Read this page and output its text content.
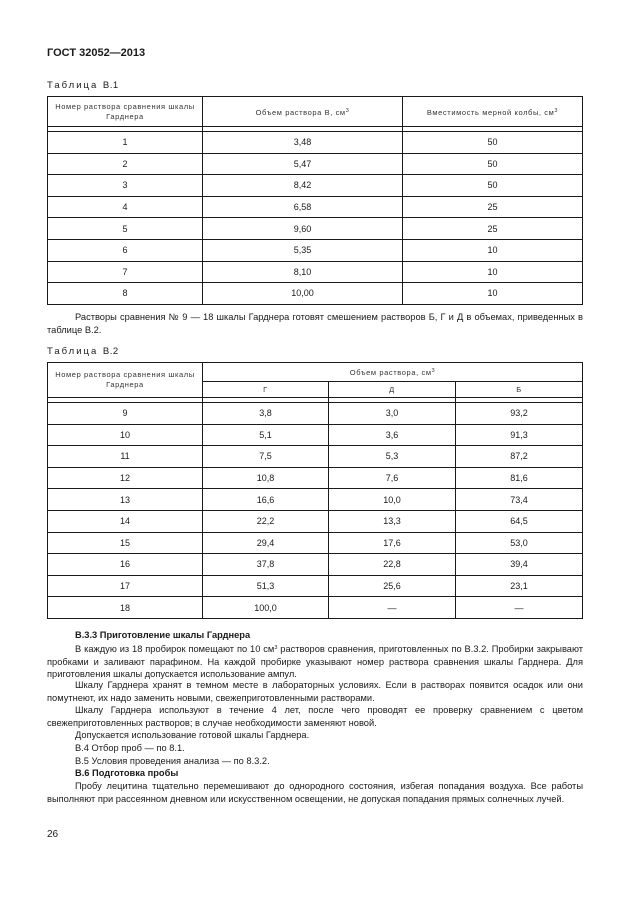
ГОСТ 32052—2013
Таблица В.1
Номер раствора сравнения шкалы Гарднера	Объем раствора В, $см^3$	Вместимость мерной колбы, $см^3$

1	3,48	50
2	5,47	50
3	8,42	50
4	6,58	25
5	9,60	25
6	5,35	10
7	8,10	10
8	10,00	10

Растворы сравнения № 9 — 18 шкалы Гарднера готовят смешением растворов Б, Г и Д в объемах, приведенных в таблице В.2.

Таблица В.2
Номер раствора сравнения шкалы Гарднера	Объем раствора, $см^3$
	Г	Д	Б

9	3,8	3,0	93,2
10	5,1	3,6	91,3
11	7,5	5,3	87,2
12	10,8	7,6	81,6
13	16,6	10,0	73,4
14	22,2	13,3	64,5
15	29,4	17,6	53,0
16	37,8	22,8	39,4
17	51,3	25,6	23,1
18	100,0	—	—

В.3.3 Приготовление шкалы Гарднера

В каждую из 18 пробирок помещают по 10 $см^3$ растворов сравнения, приготовленных по В.3.2. Пробирки закрывают пробками и заливают парафином. На каждой пробирке указывают номер раствора сравнения шкалы Гарднера. Для приготовления шкалы допускается использование ампул.

Шкалу Гарднера хранят в темном месте в лабораторных условиях. Если в растворах появится осадок или они помутнеют, их надо заменить новыми, свежеприготовленными растворами.

Шкалу Гарднера используют в течение 4 лет, после чего проводят ее проверку сравнением с цветом свежеприготовленных растворов; в случае необходимости заменяют новой.

Допускается использование готовой шкалы Гарднера.

В.4 Отбор проб — по 8.1.

В.5 Условия проведения анализа — по 8.3.2.

В.6 Подготовка пробы

Пробу лецитина тщательно перемешивают до однородного состояния, избегая попадания воздуха. Все работы выполняют при рассеянном дневном или искусственном освещении, не допуская попадания прямых солнечных лучей.

26
